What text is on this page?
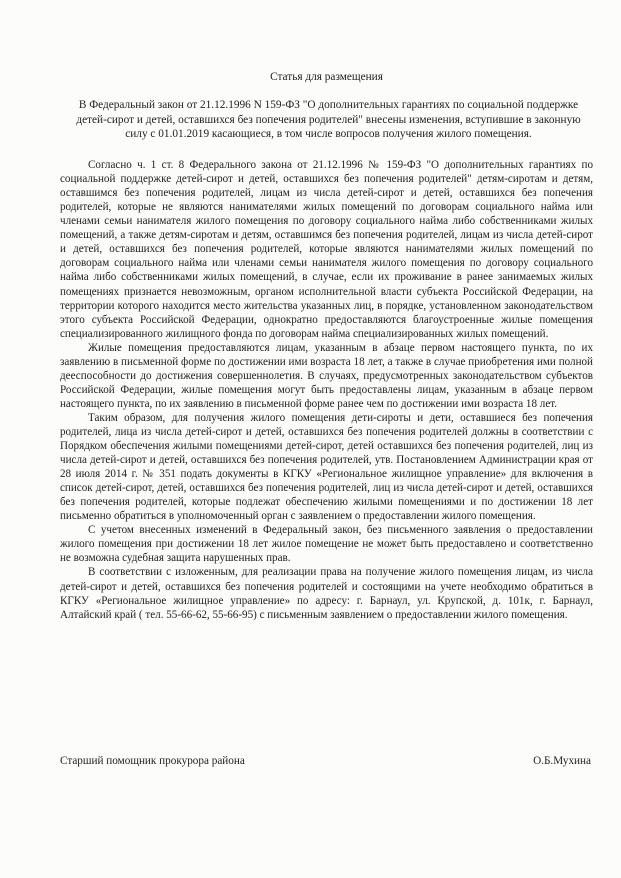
Статья для размещения
В Федеральный закон от 21.12.1996 N 159-ФЗ "О дополнительных гарантиях по социальной поддержке детей-сирот и детей, оставшихся без попечения родителей" внесены изменения, вступившие в законную силу с 01.01.2019 касающиеся, в том числе вопросов получения жилого помещения.

Согласно ч. 1 ст. 8 Федерального закона от 21.12.1996 № 159-ФЗ "О дополнительных гарантиях по социальной поддержке детей-сирот и детей, оставшихся без попечения родителей" детям-сиротам и детям, оставшимся без попечения родителей, лицам из числа детей-сирот и детей, оставшихся без попечения родителей, которые не являются нанимателями жилых помещений по договорам социального найма или членами семьи нанимателя жилого помещения по договору социального найма либо собственниками жилых помещений, а также детям-сиротам и детям, оставшимся без попечения родителей, лицам из числа детей-сирот и детей, оставшихся без попечения родителей, которые являются нанимателями жилых помещений по договорам социального найма или членами семьи нанимателя жилого помещения по договору социального найма либо собственниками жилых помещений, в случае, если их проживание в ранее занимаемых жилых помещениях признается невозможным, органом исполнительной власти субъекта Российской Федерации, на территории которого находится место жительства указанных лиц, в порядке, установленном законодательством этого субъекта Российской Федерации, однократно предоставляются благоустроенные жилые помещения специализированного жилищного фонда по договорам найма специализированных жилых помещений.

Жилые помещения предоставляются лицам, указанным в абзаце первом настоящего пункта, по их заявлению в письменной форме по достижении ими возраста 18 лет, а также в случае приобретения ими полной дееспособности до достижения совершеннолетия. В случаях, предусмотренных законодательством субъектов Российской Федерации, жилые помещения могут быть предоставлены лицам, указанным в абзаце первом настоящего пункта, по их заявлению в письменной форме ранее чем по достижении ими возраста 18 лет.

Таким образом, для получения жилого помещения дети-сироты и дети, оставшиеся без попечения родителей, лица из числа детей-сирот и детей, оставшихся без попечения родителей должны в соответствии с Порядком обеспечения жилыми помещениями детей-сирот, детей оставшихся без попечения родителей, лиц из числа детей-сирот и детей, оставшихся без попечения родителей, утв. Постановлением Администрации края от 28 июля 2014 г. № 351 подать документы в КГКУ «Региональное жилищное управление» для включения в список детей-сирот, детей, оставшихся без попечения родителей, лиц из числа детей-сирот и детей, оставшихся без попечения родителей, которые подлежат обеспечению жилыми помещениями и по достижении 18 лет письменно обратиться в уполномоченный орган с заявлением о предоставлении жилого помещения.

С учетом внесенных изменений в Федеральный закон, без письменного заявления о предоставлении жилого помещения при достижении 18 лет жилое помещение не может быть предоставлено и соответственно не возможна судебная защита нарушенных прав.

В соответствии с изложенным, для реализации права на получение жилого помещения лицам, из числа детей-сирот и детей, оставшихся без попечения родителей и состоящими на учете необходимо обратиться в КГКУ «Региональное жилищное управление» по адресу: г. Барнаул, ул. Крупской, д. 101к, г. Барнаул, Алтайский край ( тел. 55-66-62, 55-66-95) с письменным заявлением о предоставлении жилого помещения.

Старший помощник прокурора района	О.Б.Мухина
